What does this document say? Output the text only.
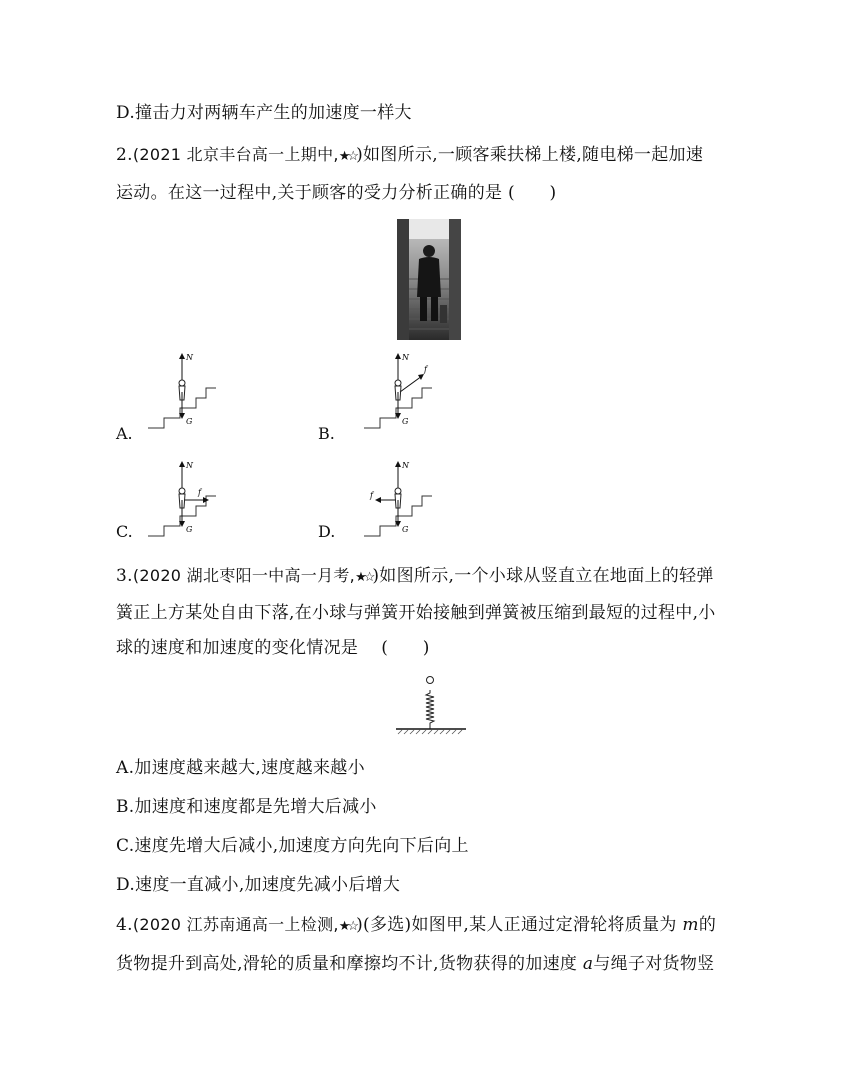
D.撞击力对两辆车产生的加速度一样大
2.(2021 北京丰台高一上期中,★☆)如图所示,一顾客乘扶梯上楼,随电梯一起加速
运动。在这一过程中,关于顾客的受力分析正确的是 (　　)
N
G
A.
N
G
f
B.
N
G
f
C.
N
G
f
D.
3.(2020 湖北枣阳一中高一月考,★☆)如图所示,一个小球从竖直立在地面上的轻弹
簧正上方某处自由下落,在小球与弹簧开始接触到弹簧被压缩到最短的过程中,小
球的速度和加速度的变化情况是 　(　　)
A.加速度越来越大,速度越来越小
B.加速度和速度都是先增大后减小
C.速度先增大后减小,加速度方向先向下后向上
D.速度一直减小,加速度先减小后增大
4.(2020 江苏南通高一上检测,★☆)(多选)如图甲,某人正通过定滑轮将质量为 m的
货物提升到高处,滑轮的质量和摩擦均不计,货物获得的加速度 a与绳子对货物竖
